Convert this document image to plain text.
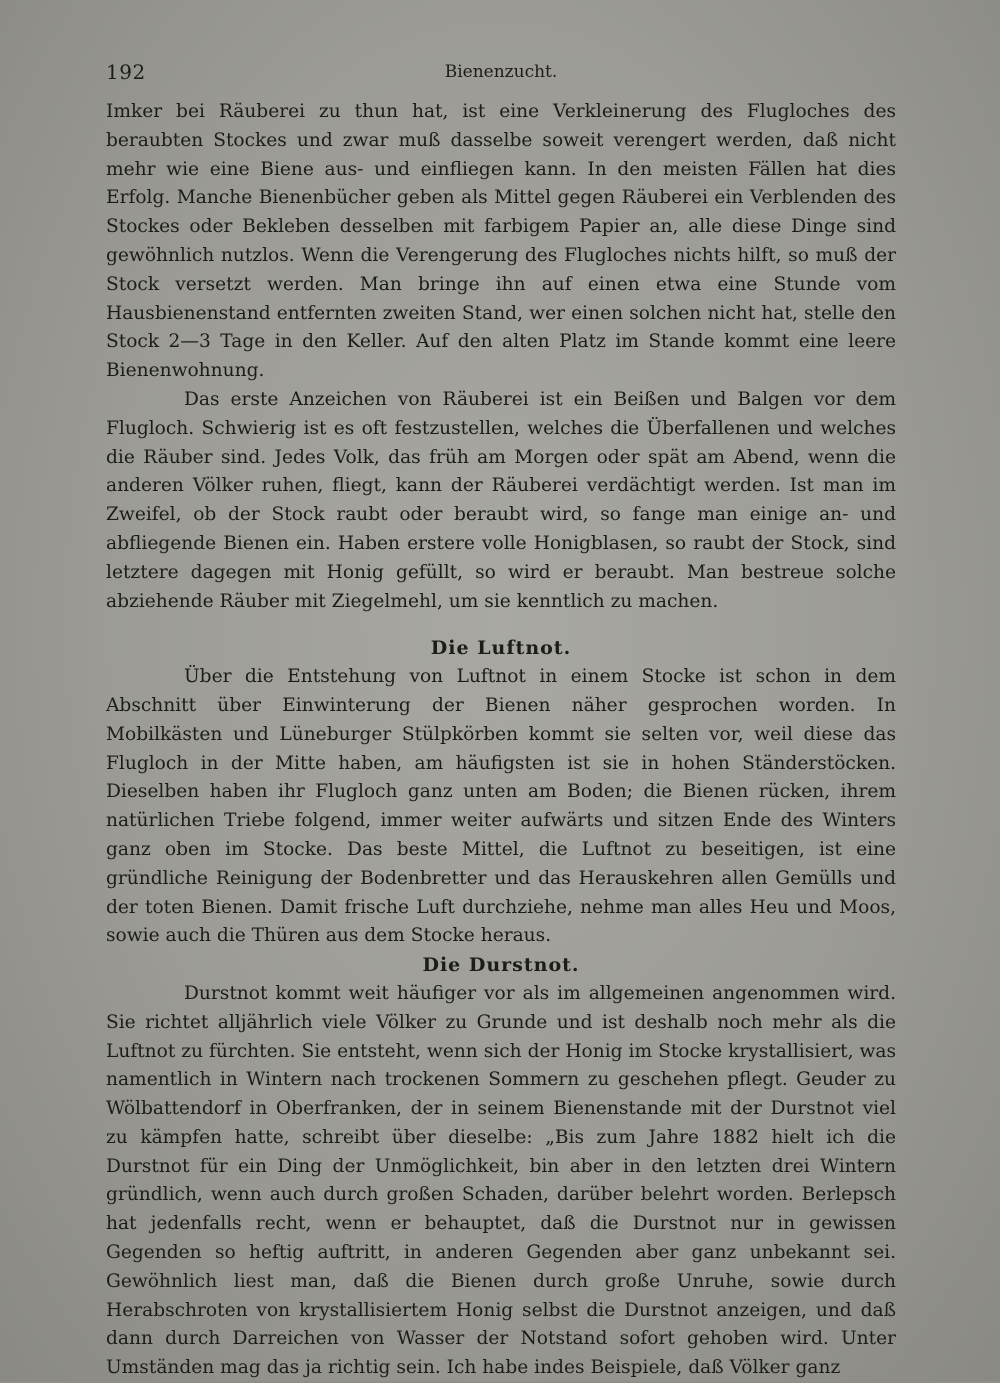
192	Bienenzucht.

Imker bei Räuberei zu thun hat, ist eine Verkleinerung des Flugloches des beraubten Stockes und zwar muß dasselbe soweit verengert werden, daß nicht mehr wie eine Biene aus- und einfliegen kann. In den meisten Fällen hat dies Erfolg. Manche Bienenbücher geben als Mittel gegen Räuberei ein Verblenden des Stockes oder Bekleben desselben mit farbigem Papier an, alle diese Dinge sind gewöhnlich nutzlos. Wenn die Verengerung des Flugloches nichts hilft, so muß der Stock versetzt werden. Man bringe ihn auf einen etwa eine Stunde vom Hausbienenstand entfernten zweiten Stand, wer einen solchen nicht hat, stelle den Stock 2—3 Tage in den Keller. Auf den alten Platz im Stande kommt eine leere Bienenwohnung.

Das erste Anzeichen von Räuberei ist ein Beißen und Balgen vor dem Flugloch. Schwierig ist es oft festzustellen, welches die Überfallenen und welches die Räuber sind. Jedes Volk, das früh am Morgen oder spät am Abend, wenn die anderen Völker ruhen, fliegt, kann der Räuberei verdächtigt werden. Ist man im Zweifel, ob der Stock raubt oder beraubt wird, so fange man einige an- und abfliegende Bienen ein. Haben erstere volle Honigblasen, so raubt der Stock, sind letztere dagegen mit Honig gefüllt, so wird er beraubt. Man bestreue solche abziehende Räuber mit Ziegelmehl, um sie kenntlich zu machen.

Die Luftnot.

Über die Entstehung von Luftnot in einem Stocke ist schon in dem Abschnitt über Einwinterung der Bienen näher gesprochen worden. In Mobilkästen und Lüneburger Stülpkörben kommt sie selten vor, weil diese das Flugloch in der Mitte haben, am häufigsten ist sie in hohen Ständerstöcken. Dieselben haben ihr Flugloch ganz unten am Boden; die Bienen rücken, ihrem natürlichen Triebe folgend, immer weiter aufwärts und sitzen Ende des Winters ganz oben im Stocke. Das beste Mittel, die Luftnot zu beseitigen, ist eine gründliche Reinigung der Bodenbretter und das Herauskehren allen Gemülls und der toten Bienen. Damit frische Luft durchziehe, nehme man alles Heu und Moos, sowie auch die Thüren aus dem Stocke heraus.

Die Durstnot.

Durstnot kommt weit häufiger vor als im allgemeinen angenommen wird. Sie richtet alljährlich viele Völker zu Grunde und ist deshalb noch mehr als die Luftnot zu fürchten. Sie entsteht, wenn sich der Honig im Stocke krystallisiert, was namentlich in Wintern nach trockenen Sommern zu geschehen pflegt. Geuder zu Wölbattendorf in Oberfranken, der in seinem Bienenstande mit der Durstnot viel zu kämpfen hatte, schreibt über dieselbe: „Bis zum Jahre 1882 hielt ich die Durstnot für ein Ding der Unmöglichkeit, bin aber in den letzten drei Wintern gründlich, wenn auch durch großen Schaden, darüber belehrt worden. Berlepsch hat jedenfalls recht, wenn er behauptet, daß die Durstnot nur in gewissen Gegenden so heftig auftritt, in anderen Gegenden aber ganz unbekannt sei. Gewöhnlich liest man, daß die Bienen durch große Unruhe, sowie durch Herabschroten von krystallisiertem Honig selbst die Durstnot anzeigen, und daß dann durch Darreichen von Wasser der Notstand sofort gehoben wird. Unter Umständen mag das ja richtig sein. Ich habe indes Beispiele, daß Völker ganz
